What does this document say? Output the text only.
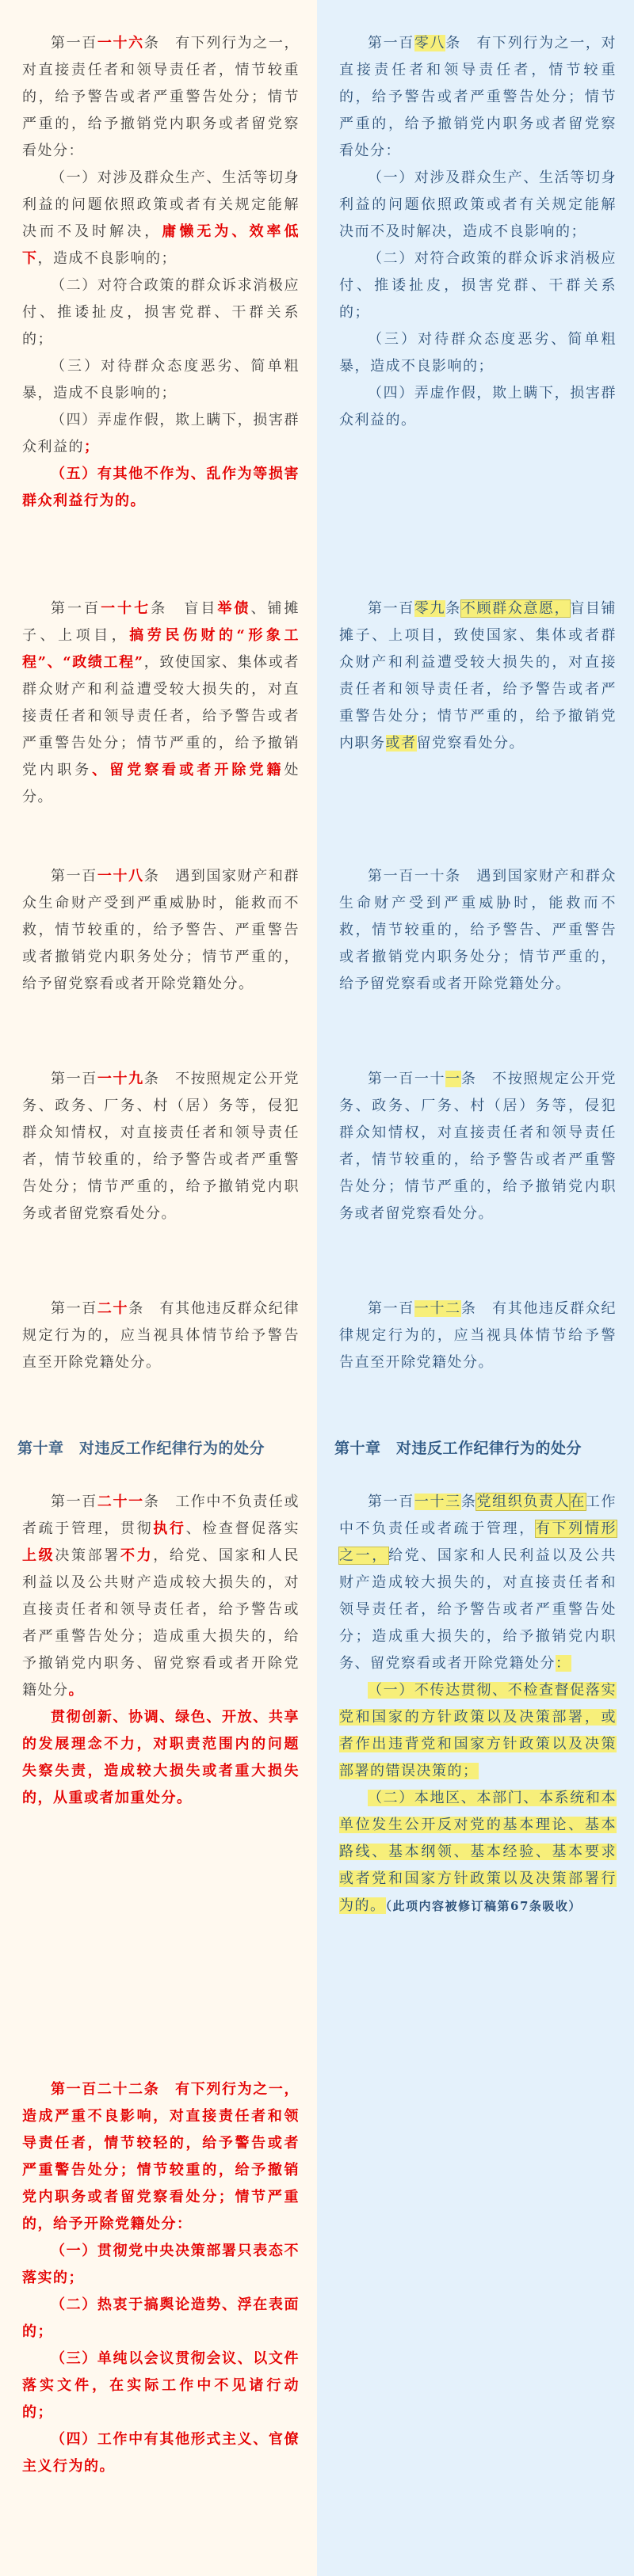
第一百一十六条　有下列行为之一，对直接责任者和领导责任者，情节较重的，给予警告或者严重警告处分；情节严重的，给予撤销党内职务或者留党察看处分：

（一）对涉及群众生产、生活等切身利益的问题依照政策或者有关规定能解决而不及时解决，庸懒无为、效率低下，造成不良影响的；

（二）对符合政策的群众诉求消极应付、推诿扯皮，损害党群、干群关系的；

（三）对待群众态度恶劣、简单粗暴，造成不良影响的；

（四）弄虚作假，欺上瞒下，损害群众利益的；

（五）有其他不作为、乱作为等损害群众利益行为的。

第一百一十七条　盲目举债、铺摊子、上项目，搞劳民伤财的“形象工程”、“政绩工程”，致使国家、集体或者群众财产和利益遭受较大损失的，对直接责任者和领导责任者，给予警告或者严重警告处分；情节严重的，给予撤销党内职务、留党察看或者开除党籍处分。

第一百一十八条　遇到国家财产和群众生命财产受到严重威胁时，能救而不救，情节较重的，给予警告、严重警告或者撤销党内职务处分；情节严重的，给予留党察看或者开除党籍处分。

第一百一十九条　不按照规定公开党务、政务、厂务、村（居）务等，侵犯群众知情权，对直接责任者和领导责任者，情节较重的，给予警告或者严重警告处分；情节严重的，给予撤销党内职务或者留党察看处分。

第一百二十条　有其他违反群众纪律规定行为的，应当视具体情节给予警告直至开除党籍处分。

第十章　对违反工作纪律行为的处分

第一百二十一条　工作中不负责任或者疏于管理，贯彻执行、检查督促落实上级决策部署不力，给党、国家和人民利益以及公共财产造成较大损失的，对直接责任者和领导责任者，给予警告或者严重警告处分；造成重大损失的，给予撤销党内职务、留党察看或者开除党籍处分。

贯彻创新、协调、绿色、开放、共享的发展理念不力，对职责范围内的问题失察失责，造成较大损失或者重大损失的，从重或者加重处分。

第一百二十二条　有下列行为之一，造成严重不良影响，对直接责任者和领导责任者，情节较轻的，给予警告或者严重警告处分；情节较重的，给予撤销党内职务或者留党察看处分；情节严重的，给予开除党籍处分：

（一）贯彻党中央决策部署只表态不落实的；

（二）热衷于搞舆论造势、浮在表面的；

（三）单纯以会议贯彻会议、以文件落实文件，在实际工作中不见诸行动的；

（四）工作中有其他形式主义、官僚主义行为的。

第一百零八条　有下列行为之一，对直接责任者和领导责任者，情节较重的，给予警告或者严重警告处分；情节严重的，给予撤销党内职务或者留党察看处分：

（一）对涉及群众生产、生活等切身利益的问题依照政策或者有关规定能解决而不及时解决，造成不良影响的；

（二）对符合政策的群众诉求消极应付、推诿扯皮，损害党群、干群关系的；

（三）对待群众态度恶劣、简单粗暴，造成不良影响的；

（四）弄虚作假，欺上瞒下，损害群众利益的。

第一百零九条不顾群众意愿，盲目铺摊子、上项目，致使国家、集体或者群众财产和利益遭受较大损失的，对直接责任者和领导责任者，给予警告或者严重警告处分；情节严重的，给予撤销党内职务或者留党察看处分。

第一百一十条　遇到国家财产和群众生命财产受到严重威胁时，能救而不救，情节较重的，给予警告、严重警告或者撤销党内职务处分；情节严重的，给予留党察看或者开除党籍处分。

第一百一十一条　不按照规定公开党务、政务、厂务、村（居）务等，侵犯群众知情权，对直接责任者和领导责任者，情节较重的，给予警告或者严重警告处分；情节严重的，给予撤销党内职务或者留党察看处分。

第一百一十二条　有其他违反群众纪律规定行为的，应当视具体情节给予警告直至开除党籍处分。

第十章　对违反工作纪律行为的处分

第一百一十三条党组织负责人在工作中不负责任或者疏于管理，有下列情形之一，给党、国家和人民利益以及公共财产造成较大损失的，对直接责任者和领导责任者，给予警告或者严重警告处分；造成重大损失的，给予撤销党内职务、留党察看或者开除党籍处分：

（一）不传达贯彻、不检查督促落实党和国家的方针政策以及决策部署，或者作出违背党和国家方针政策以及决策部署的错误决策的；

（二）本地区、本部门、本系统和本单位发生公开反对党的基本理论、基本路线、基本纲领、基本经验、基本要求或者党和国家方针政策以及决策部署行为的。（此项内容被修订稿第67条吸收）
